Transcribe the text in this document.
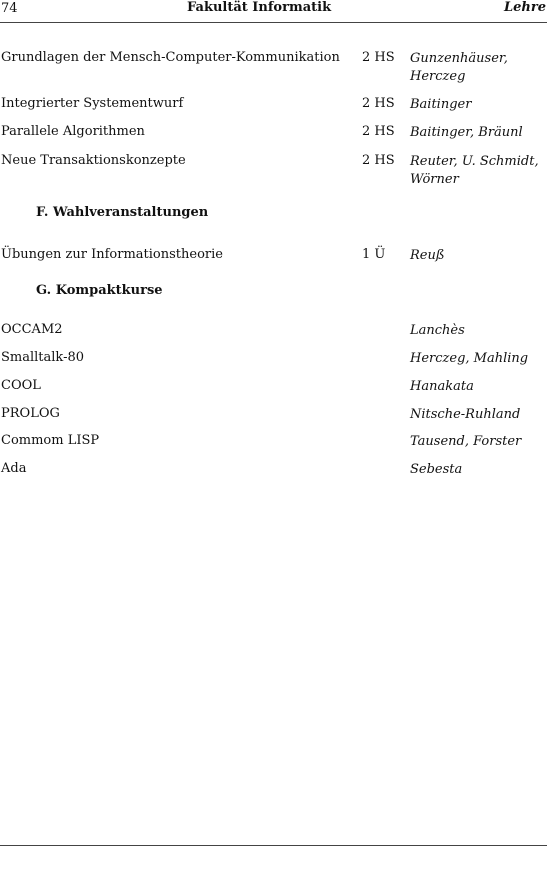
74	Fakultät Informatik	Lehre
Grundlagen der Mensch-Computer-Kommunikation 2 HS Gunzenhäuser, Herczeg
Integrierter Systementwurf	2 HS Baitinger
Parallele Algorithmen	2 HS Baitinger, Bräunl
Neue Transaktionskonzepte	2 HS Reuter, U. Schmidt, Wörner
F. Wahlveranstaltungen
Übungen zur Informationstheorie	1 Ü Reuß
G. Kompaktkurse
OCCAM2	Lanchès
Smalltalk-80	Herczeg, Mahling
COOL	Hanakata
PROLOG	Nitsche-Ruhland
Commom LISP	Tausend, Forster
Ada	Sebesta
